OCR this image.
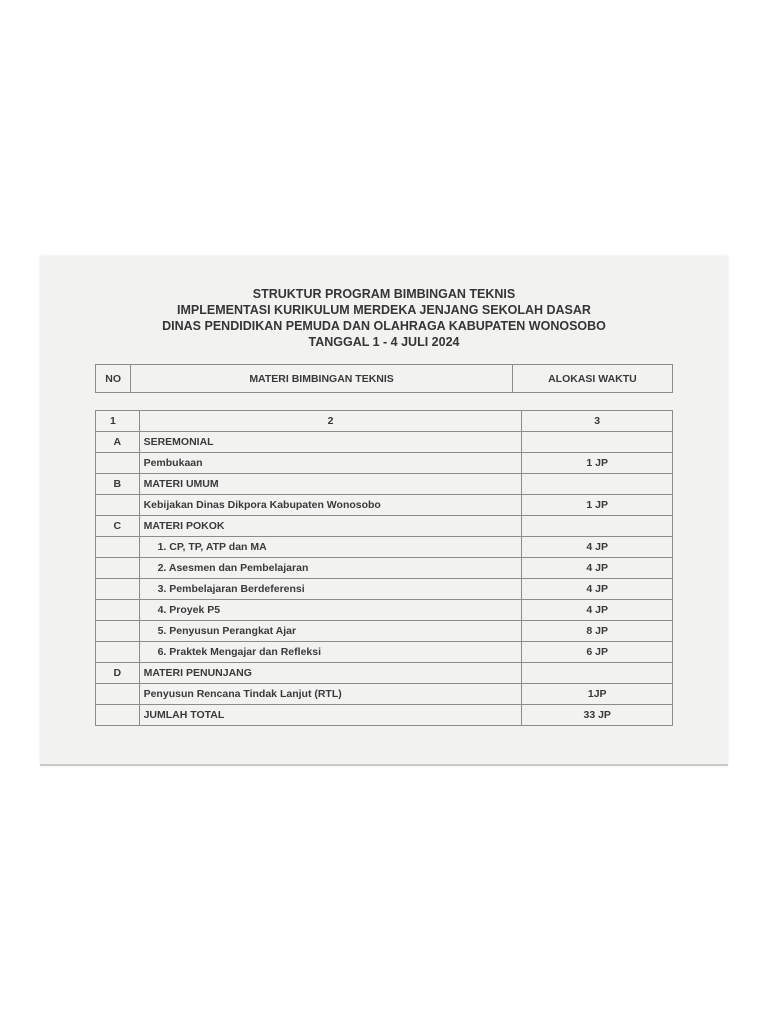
STRUKTUR PROGRAM BIMBINGAN TEKNIS
IMPLEMENTASI KURIKULUM MERDEKA JENJANG SEKOLAH DASAR
DINAS PENDIDIKAN PEMUDA DAN OLAHRAGA KABUPATEN WONOSOBO
TANGGAL 1 - 4 JULI 2024
NO	MATERI BIMBINGAN TEKNIS	ALOKASI WAKTU
1	2	3
A	SEREMONIAL	
	Pembukaan	1 JP
B	MATERI UMUM	
	Kebijakan Dinas Dikpora Kabupaten Wonosobo	1 JP
C	MATERI POKOK	
	1. CP, TP, ATP dan MA	4 JP
	2. Asesmen dan Pembelajaran	4 JP
	3. Pembelajaran Berdeferensi	4 JP
	4. Proyek P5	4 JP
	5. Penyusun Perangkat Ajar	8 JP
	6. Praktek Mengajar dan Refleksi	6 JP
D	MATERI PENUNJANG	
	Penyusun Rencana Tindak Lanjut (RTL)	1JP
	JUMLAH TOTAL	33 JP
